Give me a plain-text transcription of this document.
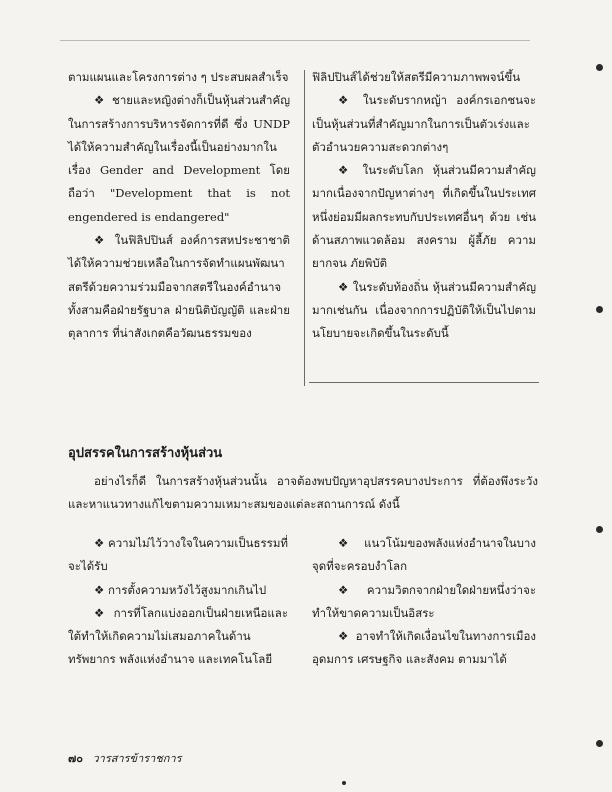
ตามแผนและโครงการต่าง ๆ ประสบผลสำเร็จ

❖ ชายและหญิงต่างก็เป็นหุ้นส่วนสำคัญในการสร้างการบริหารจัดการที่ดี ซึ่ง UNDP ได้ให้ความสำคัญในเรื่องนี้เป็นอย่างมากในเรื่อง Gender and Development โดยถือว่า "Development that is not engendered is endangered"

❖ ในฟิลิปปินส์ องค์การสหประชาชาติได้ให้ความช่วยเหลือในการจัดทำแผนพัฒนาสตรีด้วยความร่วมมือจากสตรีในองค์อำนาจทั้งสามคือฝ่ายรัฐบาล ฝ่ายนิติบัญญัติ และฝ่ายตุลาการ ที่น่าสังเกตคือวัฒนธรรมของ

ฟิลิปปินส์ได้ช่วยให้สตรีมีความภาพพจน์ขึ้น

❖ ในระดับรากหญ้า องค์กรเอกชนจะเป็นหุ้นส่วนที่สำคัญมากในการเป็นตัวเร่งและตัวอำนวยความสะดวกต่างๆ

❖ ในระดับโลก หุ้นส่วนมีความสำคัญมากเนื่องจากปัญหาต่างๆ ที่เกิดขึ้นในประเทศหนึ่งย่อมมีผลกระทบกับประเทศอื่นๆ ด้วย เช่น ด้านสภาพแวดล้อม สงคราม ผู้ลี้ภัย ความยากจน ภัยพิบัติ

❖ ในระดับท้องถิ่น หุ้นส่วนมีความสำคัญมากเช่นกัน เนื่องจากการปฏิบัติให้เป็นไปตามนโยบายจะเกิดขึ้นในระดับนี้

อุปสรรคในการสร้างหุ้นส่วน

อย่างไรก็ดี ในการสร้างหุ้นส่วนนั้น อาจต้องพบปัญหาอุปสรรคบางประการ ที่ต้องพึงระวังและหาแนวทางแก้ไขตามความเหมาะสมของแต่ละสถานการณ์ ดังนี้

❖ ความไม่ไว้วางใจในความเป็นธรรมที่จะได้รับ

❖ การตั้งความหวังไว้สูงมากเกินไป

❖ การที่โลกแบ่งออกเป็นฝ่ายเหนือและใต้ทำให้เกิดความไม่เสมอภาคในด้านทรัพยากร พลังแห่งอำนาจ และเทคโนโลยี

❖ แนวโน้มของพลังแห่งอำนาจในบางจุดที่จะครอบงำโลก

❖ ความวิตกจากฝ่ายใดฝ่ายหนึ่งว่าจะทำให้ขาดความเป็นอิสระ

❖ อาจทำให้เกิดเงื่อนไขในทางการเมือง อุดมการ เศรษฐกิจ และสังคม ตามมาได้

๗๐ วารสารข้าราชการ
